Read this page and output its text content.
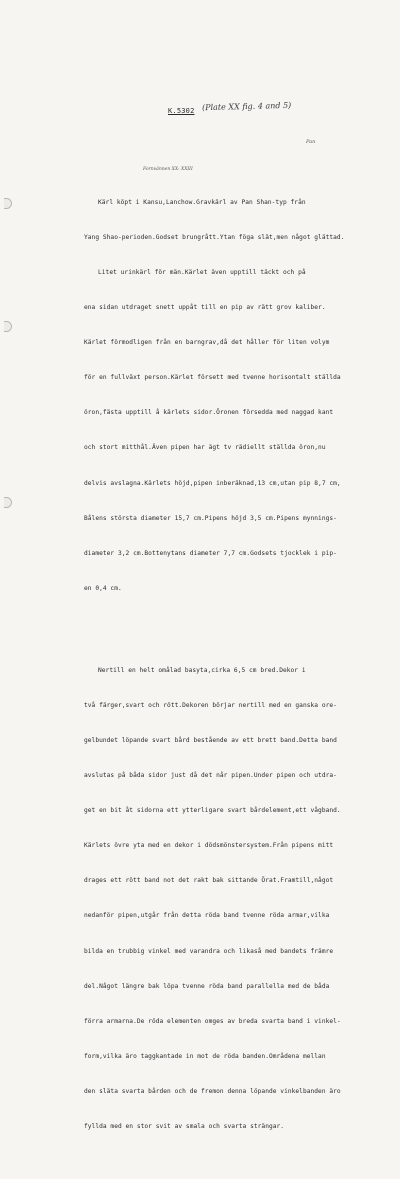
K.5302 (Plate XX fig. 4 and 5)
Pan
Fornvännen XX: XXIII

Kärl köpt i Kansu,Lanchow.Gravkärl av Pan Shan-typ från

Yang Shao-perioden.Godset brungrått.Ytan föga slät,men något glättad.

Litet urinkärl för män.Kärlet även upptill täckt och på

ena sidan utdraget snett uppåt till en pip av rätt grov kaliber.

Kärlet förmodligen från en barngrav,då det håller för liten volym

för en fullväxt person.Kärlet försett med tvenne horisontalt ställda

öron,fästa upptill å kärlets sidor.Öronen försedda med naggad kant

och stort mitthål.Även pipen har ägt tv rädiellt ställda öron,nu

delvis avslagna.Kärlets höjd,pipen inberäknad,13 cm,utan pip 8,7 cm,

Bålens största diameter 15,7 cm.Pipens höjd 3,5 cm.Pipens mynnings-

diameter 3,2 cm.Bottenytans diameter 7,7 cm.Godsets tjocklek i pip-

en 0,4 cm.

Nertill en helt omålad basyta,cirka 6,5 cm bred.Dekor i

två färger,svart och rött.Dekoren börjar nertill med en ganska ore-

gelbundet löpande svart bård bestående av ett brett band.Detta band

avslutas på båda sidor just då det når pipen.Under pipen och utdra-

get en bit åt sidorna ett ytterligare svart bårdelement,ett vågband.

Kärlets övre yta med en dekor i dödsmönstersystem.Från pipens mitt

drages ett rött band not det rakt bak sittande Örat.Framtill,något

nedanför pipen,utgår från detta röda band tvenne röda armar,vilka

bilda en trubbig vinkel med varandra och likaså med bandets främre

del.Något längre bak löpa tvenne röda band parallella med de båda

förra armarna.De röda elementen omges av breda svarta band i vinkel-

form,vilka äro taggkantade in mot de röda banden.Områdena mellan

den släta svarta bården och de fremon denna löpande vinkelbanden äro

fyllda med en stor svit av smala och svarta strängar.
